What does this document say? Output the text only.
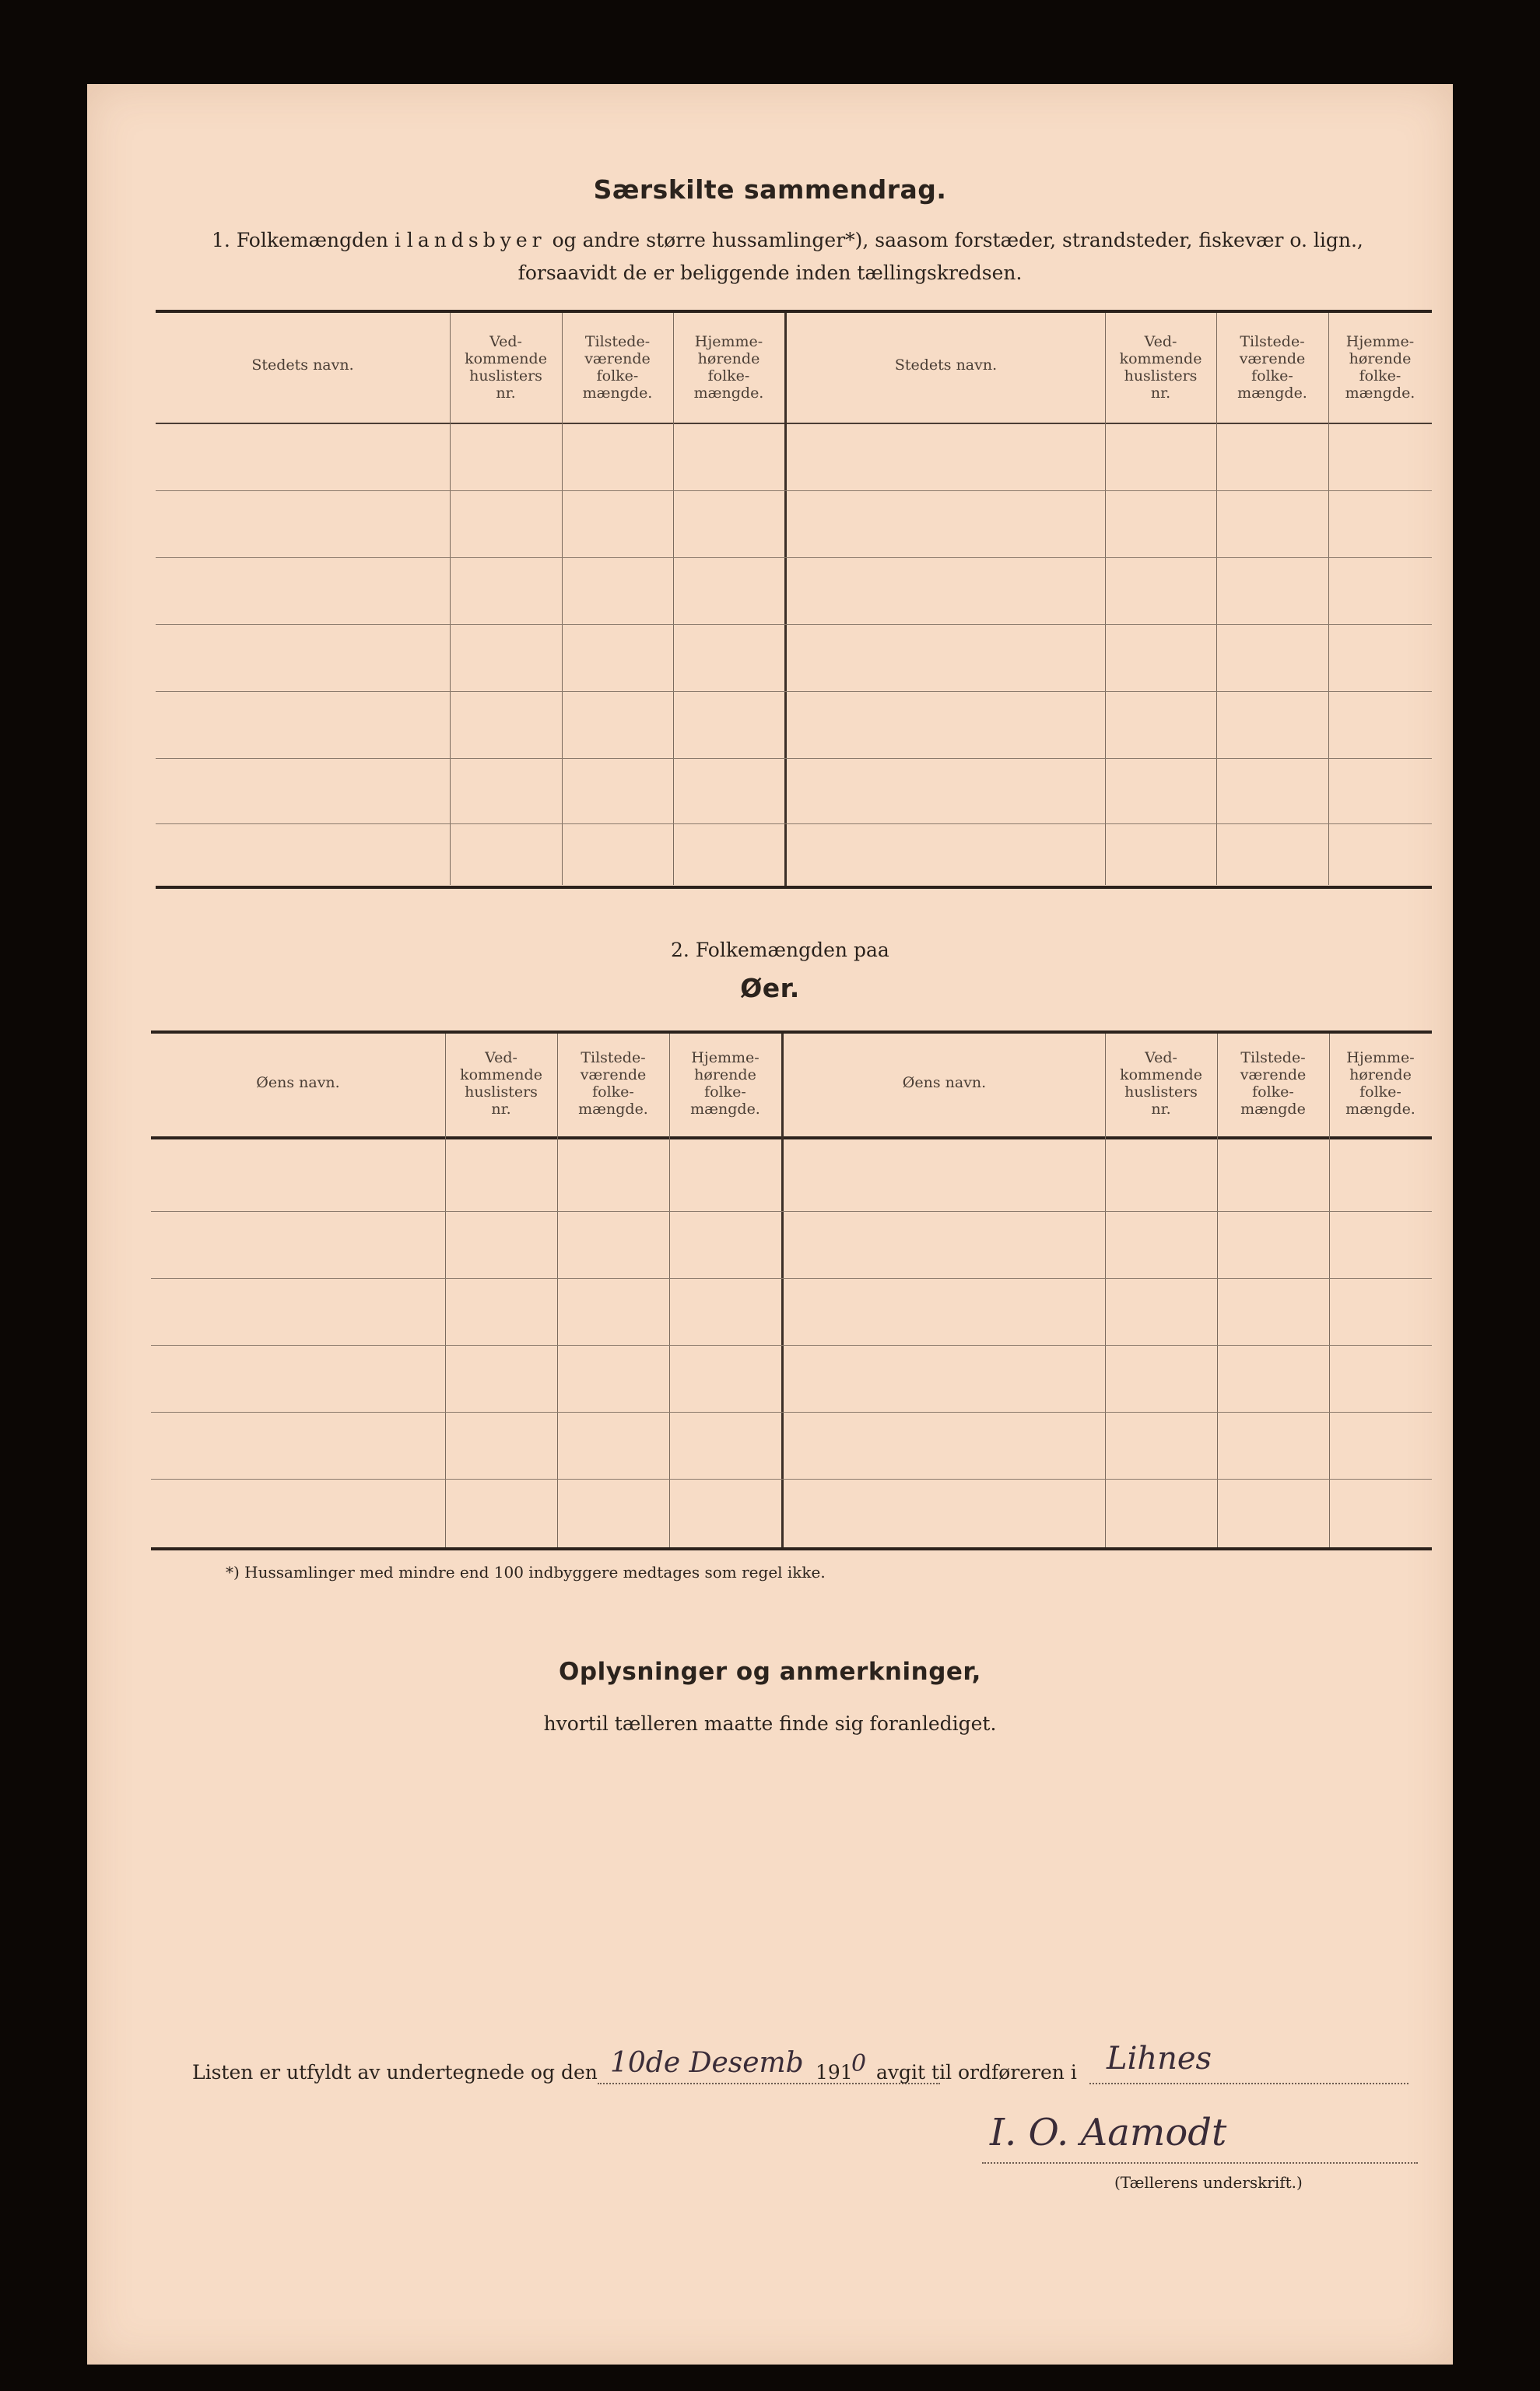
Særskilte sammendrag.
1. Folkemængden i landsbyer og andre større hussamlinger*), saasom forstæder, strandsteder, fiskevær o. lign.,
forsaavidt de er beliggende inden tællingskredsen.
Stedets navn.
Ved-
kommende
huslisters
nr.
Tilstede-
værende
folke-
mængde.
Hjemme-
hørende
folke-
mængde.
Stedets navn.
Ved-
kommende
huslisters
nr.
Tilstede-
værende
folke-
mængde.
Hjemme-
hørende
folke-
mængde.
2. Folkemængden paa
Øer.
Øens navn.
Ved-
kommende
huslisters
nr.
Tilstede-
værende
folke-
mængde.
Hjemme-
hørende
folke-
mængde.
Øens navn.
Ved-
kommende
huslisters
nr.
Tilstede-
værende
folke-
mængde
Hjemme-
hørende
folke-
mængde.
*) Hussamlinger med mindre end 100 indbyggere medtages som regel ikke.
Oplysninger og anmerkninger,
hvortil tælleren maatte finde sig foranlediget.
Listen er utfyldt av undertegnede og den 10de Desemb 191
0 avgit til ordføreren i Lihnes
I. O. Aamodt
(Tællerens underskrift.)
